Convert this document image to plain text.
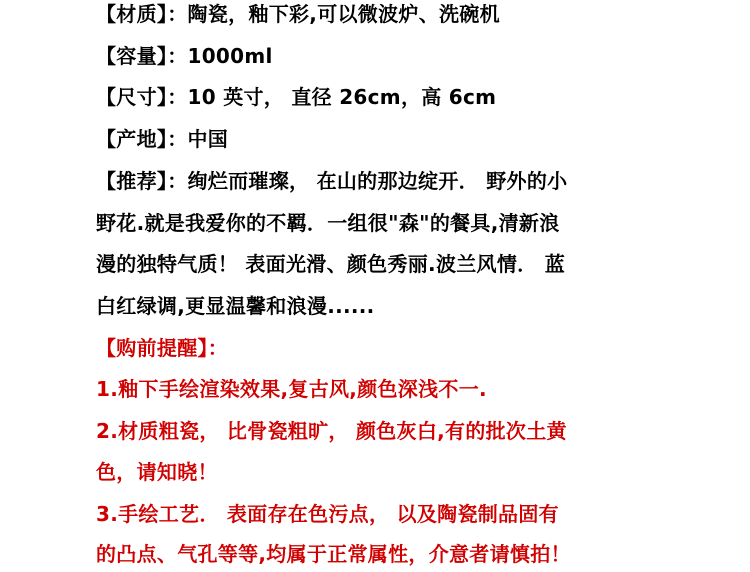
【材质】：陶瓷，釉下彩,可以微波炉、洗碗机
【容量】：1000ml
【尺寸】：10 英寸， 直径 26cm，高 6cm
【产地】：中国
【推荐】：绚烂而璀璨， 在山的那边绽开． 野外的小
野花.就是我爱你的不羁．一组很"森"的餐具,清新浪
漫的独特气质！ 表面光滑、颜色秀丽.波兰风情． 蓝
白红绿调,更显温馨和浪漫......
【购前提醒】：
1.釉下手绘渲染效果,复古风,颜色深浅不一.
2.材质粗瓷， 比骨瓷粗旷， 颜色灰白,有的批次土黄
色，请知晓！
3.手绘工艺． 表面存在色污点， 以及陶瓷制品固有
的凸点、气孔等等,均属于正常属性，介意者请慎拍！
